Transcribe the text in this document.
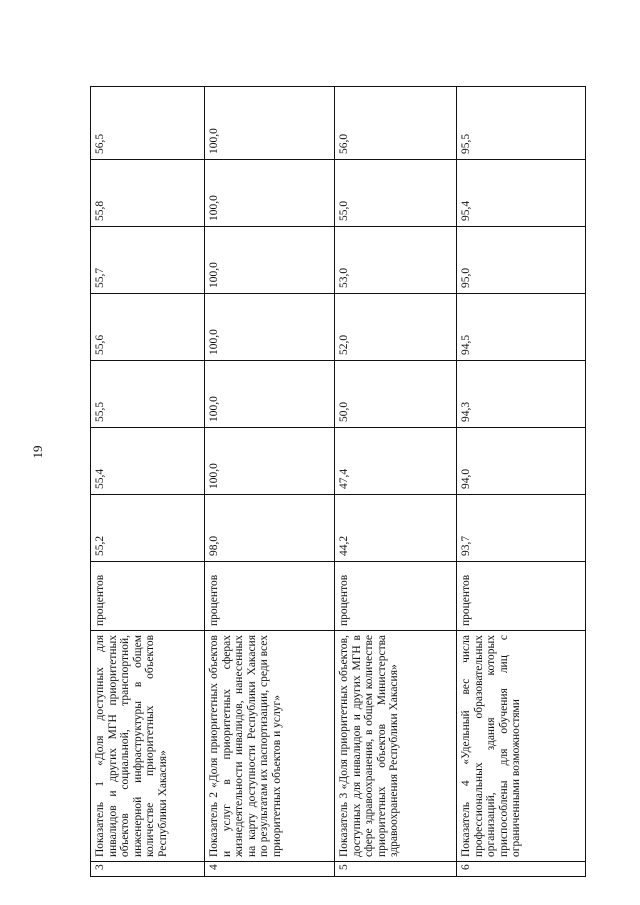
19
3	Показатель 1 «Доля доступных для инвалидов и других МГН приоритетных объектов социальной, транспортной, инженерной инфраструктуры в общем количестве приоритетных объектов Республики Хакасия»	процентов	55,2	55,4	55,5	55,6	55,7	55,8	56,5
4	Показатель 2 «Доля приоритетных объектов и услуг в приоритетных сферах жизнедеятельности инвалидов, нанесенных на карту доступности Республики Хакасия по результатам их паспортизации, среди всех приоритетных объектов и услуг»	процентов	98,0	100,0	100,0	100,0	100,0	100,0	100,0
5	Показатель 3 «Доля приоритетных объектов, доступных для инвалидов и других МГН в сфере здравоохранения, в общем количестве приоритетных объектов Министерства здравоохранения Республики Хакасия»	процентов	44,2	47,4	50,0	52,0	53,0	55,0	56,0
6	Показатель 4 «Удельный вес числа профессиональных образовательных организаций, здания которых приспособлены для обучения лиц с ограниченными возможностями	процентов	93,7	94,0	94,3	94,5	95,0	95,4	95,5
